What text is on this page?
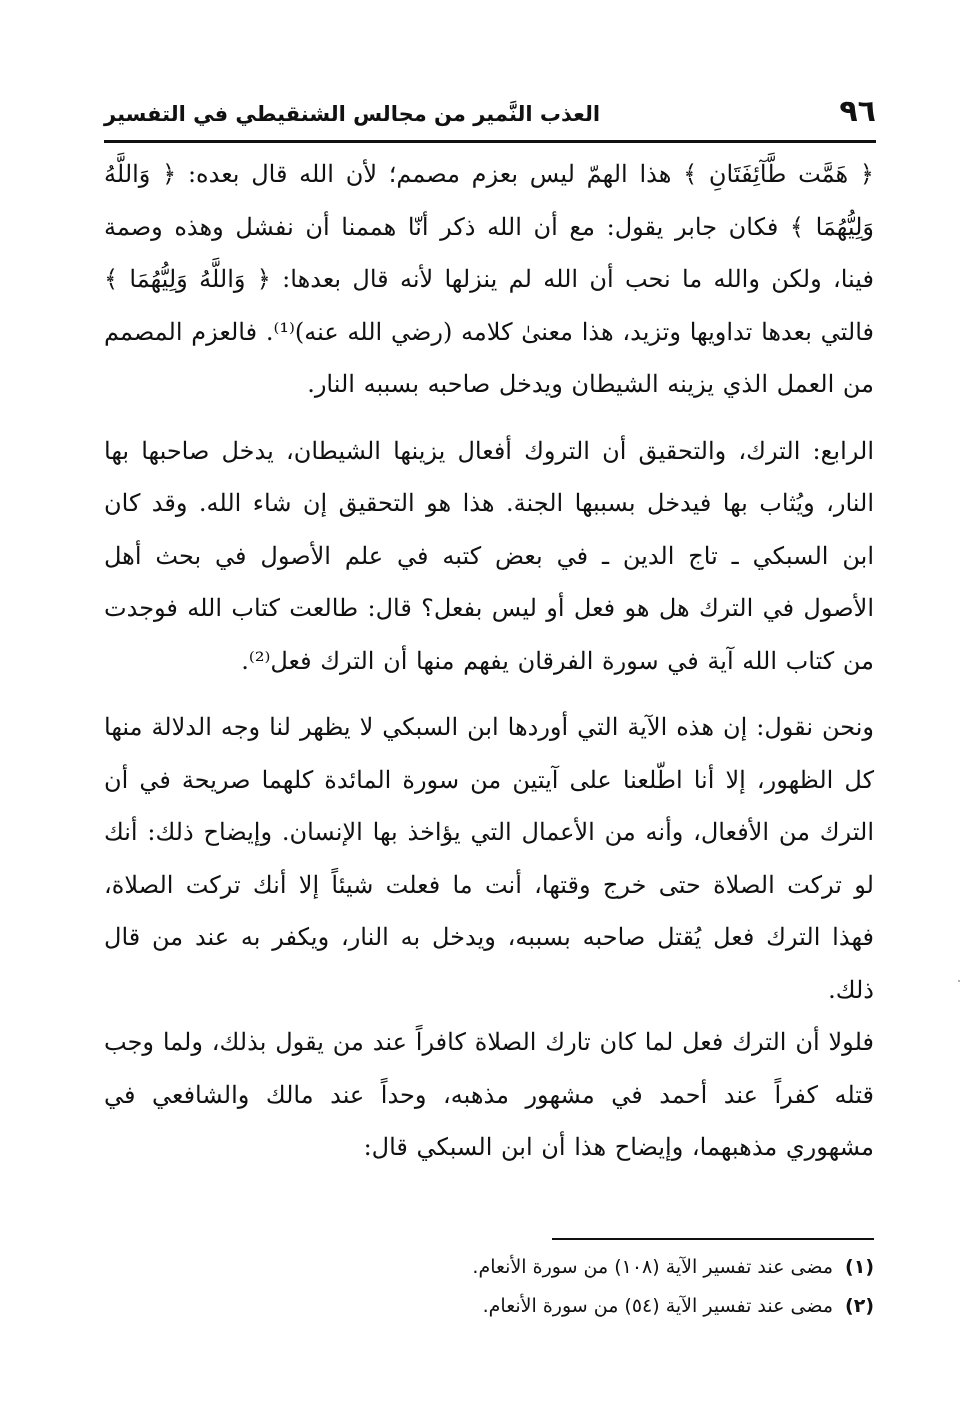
٩٦
العذب النَّمير من مجالس الشنقيطي في التفسير

﴿ هَمَّت طَّآئِفَتَانِ ﴾ هذا الهمّ ليس بعزم مصمم؛ لأن الله قال بعده: ﴿ وَاللَّهُ وَلِيُّهُمَا ﴾ فكان جابر يقول: مع أن الله ذكر أنّا هممنا أن نفشل وهذه وصمة فينا، ولكن والله ما نحب أن الله لم ينزلها لأنه قال بعدها: ﴿ وَاللَّهُ وَلِيُّهُمَا ﴾ فالتي بعدها تداويها وتزيد، هذا معنىٰ كلامه (رضي الله عنه)⁽¹⁾. فالعزم المصمم من العمل الذي يزينه الشيطان ويدخل صاحبه بسببه النار.

الرابع: الترك، والتحقيق أن التروك أفعال يزينها الشيطان، يدخل صاحبها بها النار، ويُثاب بها فيدخل بسببها الجنة. هذا هو التحقيق إن شاء الله. وقد كان ابن السبكي ـ تاج الدين ـ في بعض كتبه في علم الأصول في بحث أهل الأصول في الترك هل هو فعل أو ليس بفعل؟ قال: طالعت كتاب الله فوجدت من كتاب الله آية في سورة الفرقان يفهم منها أن الترك فعل⁽²⁾.

ونحن نقول: إن هذه الآية التي أوردها ابن السبكي لا يظهر لنا وجه الدلالة منها كل الظهور، إلا أنا اطّلعنا على آيتين من سورة المائدة كلهما صريحة في أن الترك من الأفعال، وأنه من الأعمال التي يؤاخذ بها الإنسان. وإيضاح ذلك: أنك لو تركت الصلاة حتى خرج وقتها، أنت ما فعلت شيئاً إلا أنك تركت الصلاة، فهذا الترك فعل يُقتل صاحبه بسببه، ويدخل به النار، ويكفر به عند من قال ذلك.

فلولا أن الترك فعل لما كان تارك الصلاة كافراً عند من يقول بذلك، ولما وجب قتله كفراً عند أحمد في مشهور مذهبه، وحداً عند مالك والشافعي في مشهوري مذهبهما، وإيضاح هذا أن ابن السبكي قال:

(١)مضى عند تفسير الآية (١٠٨) من سورة الأنعام.

(٢)مضى عند تفسير الآية (٥٤) من سورة الأنعام.
